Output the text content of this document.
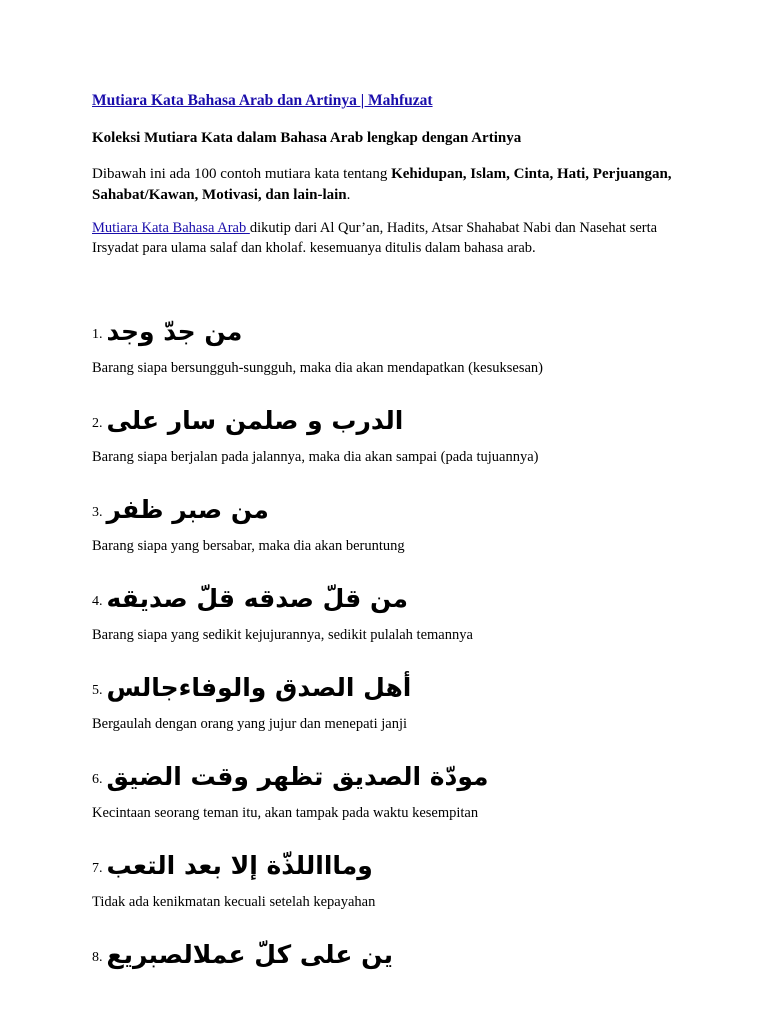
Mutiara Kata Bahasa Arab dan Artinya | Mahfuzat
Koleksi Mutiara Kata dalam Bahasa Arab lengkap dengan Artinya
Dibawah ini ada 100 contoh mutiara kata tentang Kehidupan, Islam, Cinta, Hati, Perjuangan, Sahabat/Kawan, Motivasi, dan lain-lain.
Mutiara Kata Bahasa Arab dikutip dari Al Qur’an, Hadits, Atsar Shahabat Nabi dan Nasehat serta Irsyadat para ulama salaf dan kholaf. kesemuanya ditulis dalam bahasa arab.
1. من جدّ وجد
Barang siapa bersungguh-sungguh, maka dia akan mendapatkan (kesuksesan)
2. الدرب و صلمن سار على
Barang siapa berjalan pada jalannya, maka dia akan sampai (pada tujuannya)
3. من صبر ظفر
Barang siapa yang bersabar, maka dia akan beruntung
4. من قلّ صدقه قلّ صديقه
Barang siapa yang sedikit kejujurannya, sedikit pulalah temannya
5. أهل الصدق والوفاءجالس
Bergaulah dengan orang yang jujur dan menepati janji
6. مودّة الصديق تظهر وقت الضيق
Kecintaan seorang teman itu, akan tampak pada waktu kesempitan
7. وماااللذّة إلا بعد التعب
Tidak ada kenikmatan kecuali setelah kepayahan
8. ين على كلّ عملالصبريع
